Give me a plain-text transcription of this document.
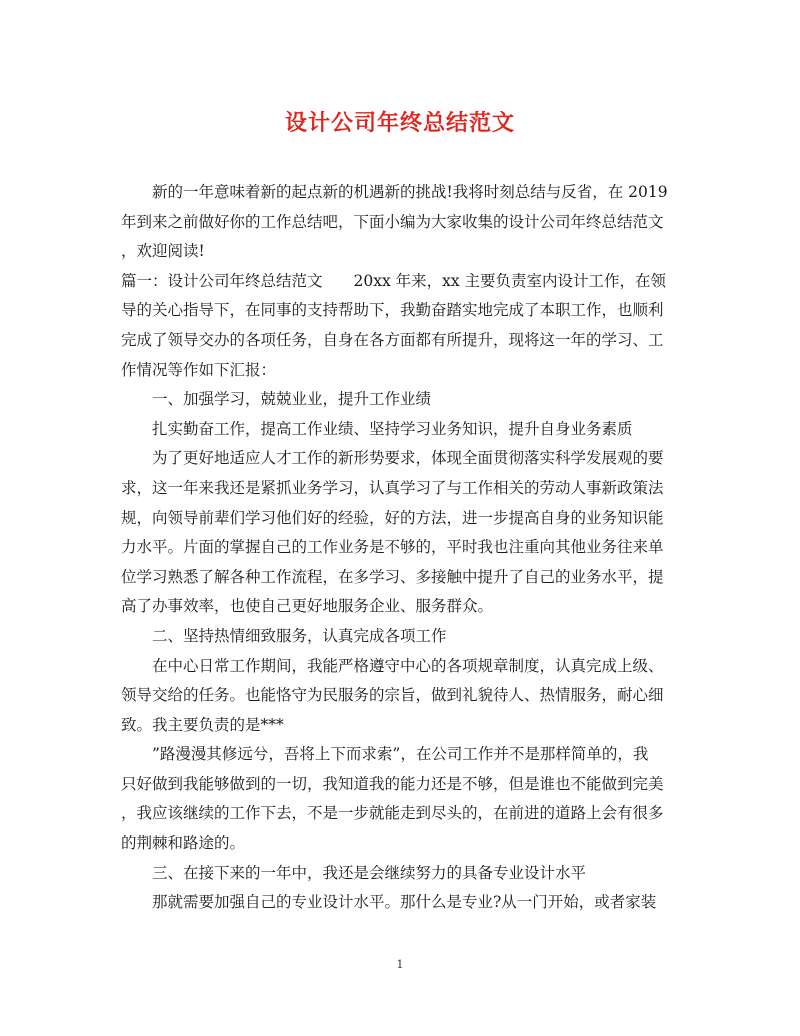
设计公司年终总结范文

新的一年意味着新的起点新的机遇新的挑战!我将时刻总结与反省，在 2019

年到来之前做好你的工作总结吧，下面小编为大家收集的设计公司年终总结范文

，欢迎阅读!

篇一：设计公司年终总结范文　　20xx 年来，xx 主要负责室内设计工作，在领

导的关心指导下，在同事的支持帮助下，我勤奋踏实地完成了本职工作，也顺利

完成了领导交办的各项任务，自身在各方面都有所提升，现将这一年的学习、工

作情况等作如下汇报：

一、加强学习，兢兢业业，提升工作业绩

扎实勤奋工作，提高工作业绩、坚持学习业务知识，提升自身业务素质

为了更好地适应人才工作的新形势要求，体现全面贯彻落实科学发展观的要

求，这一年来我还是紧抓业务学习，认真学习了与工作相关的劳动人事新政策法

规，向领导前辈们学习他们好的经验，好的方法，进一步提高自身的业务知识能

力水平。片面的掌握自己的工作业务是不够的，平时我也注重向其他业务往来单

位学习熟悉了解各种工作流程，在多学习、多接触中提升了自己的业务水平，提

高了办事效率，也使自己更好地服务企业、服务群众。

二、坚持热情细致服务，认真完成各项工作

在中心日常工作期间，我能严格遵守中心的各项规章制度，认真完成上级、

领导交给的任务。也能恪守为民服务的宗旨，做到礼貌待人、热情服务，耐心细

致。我主要负责的是***

”路漫漫其修远兮，吾将上下而求索”，在公司工作并不是那样简单的，我

只好做到我能够做到的一切，我知道我的能力还是不够，但是谁也不能做到完美

，我应该继续的工作下去，不是一步就能走到尽头的，在前进的道路上会有很多

的荆棘和路途的。

三、在接下来的一年中，我还是会继续努力的具备专业设计水平

那就需要加强自己的专业设计水平。那什么是专业?从一门开始，或者家装

1
